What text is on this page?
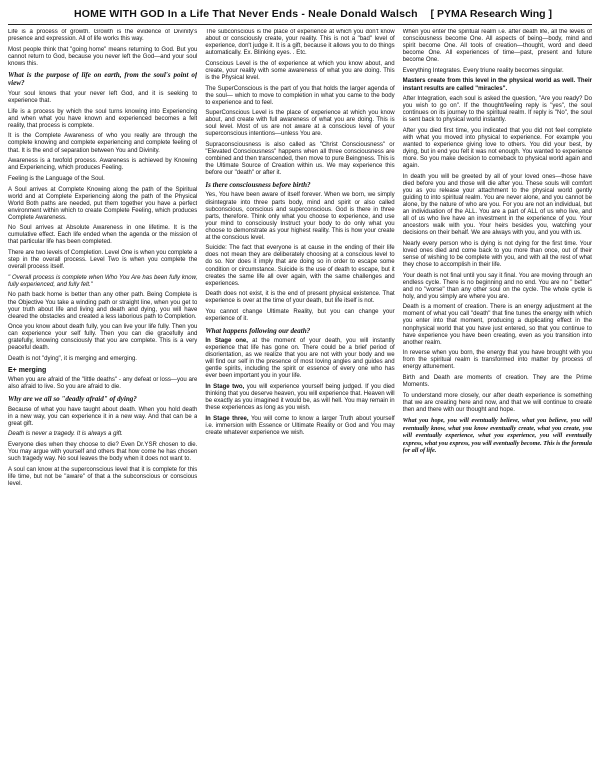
HOME WITH GOD In a Life That Never Ends - Neale Donald Walsch [ PYMA Research Wing ]

Life is a process of growth. Growth is the evidence of Divinity's presence and expression. All of life works this way.

Most people think that "going home" means returning to God. But you cannot return to God, because you never left the God—and your soul knows this.

What is the purpose of life on earth, from the soul's point of view?

Your soul knows that your never left God, and it is seeking to experience that.

Life is a process by which the soul turns knowing into Experiencing and when what you have known and experienced becomes a felt reality, that process is complete.

It is the Complete Awareness of who you really are through the complete knowing and complete experiencing and complete feeling of that. It is the end of separation between You and Divinity.

Awareness is a twofold process. Awareness is achieved by Knowing and Experiencing, which produces Feeling.

Feeling is the Language of the Soul.

A Soul arrives at Complete Knowing along the path of the Spiritual world and at Complete Experiencing along the path of the Physical World Both paths are needed, put them together you have a perfect environment within which to create Complete Feeling, which produces Complete Awareness.

No Soul arrives at Absolute Awareness in one lifetime. It is the cumulative effect. Each life ended when the agenda or the mission of that particular life has been completed.

There are two levels of Completion. Level One is when you complete a step in the overall process. Level Two is when you complete the overall process itself.

" Overall process is complete when Who You Are has been fully know, fully experienced, and fully felt."

No path back home is better than any other path. Being Complete is the Objective You take a winding path or straight line, when you get to your truth about life and living and death and dying, you will have cleared the obstacles and created a less laborious path to Completion.

Once you know about death fully, you can live your life fully. Then you can experience your self fully. Then you can die gracefully and gratefully, knowing consciously that you are complete. This is a very peaceful death.

Death is not "dying", it is merging and emerging.

E+ merging

When you are afraid of the "little deaths" - any defeat or loss—you are also afraid to live. So you are afraid to die.

Why are we all so "deadly afraid" of dying?

Because of what you have taught about death. When you hold death in a new way, you can experience it in a new way. And that can be a great gift.

Death is never a tragedy. It is always a gift.

Everyone dies when they choose to die? Even Dr.YSR chosen to die. You may argue with yourself and others that how come he has chosen such tragedy way. No soul leaves the body when it does not want to.

A soul can know at the superconscious level that it is complete for this life time, but not be "aware" of that a the subconscious or conscious level.

The subconscious is the place of experience at which you don't know about or consciously create, your reality. This is not a "bad" level of experience, don't judge it. It is a gift, because it allows you to do things automatically. Ex. Blinking eyes. . Etc.

Conscious Level is the of experience at which you know about, and create, your reality with some awareness of what you are doing. This is the Physical level.

The SuperConscious is the part of you that holds the larger agenda of the soul— which to move to completion in what you came to the body to experience and to feel.

SuperConscious Level is the place of experience at which you know about, and create with full awareness of what you are doing. This is soul level. Most of us are not aware at a conscious level of your superconscious intentions—unless You are.

Supraconsciousness is also called as "Christ Consciousness" or "Elevated Consciousness" happens when all three consciousness are combined and then transcended, then move to pure Beingness. This is the Ultimate Source of Creation within us. We may experience this before our "death" or after it.

Is there consciousness before birth?

Yes, You have been aware of itself forever. When we born, we simply disintegrate into three parts body, mind and spirit or also called subconscious, conscious and superconscious. God is there in three parts, therefore. Think only what you choose to experience, and use your mind to consciously Instruct your body to do only what you choose to demonstrate as your highest reality. This is how your create at the conscious level.

Suicide: The fact that everyone is at cause in the ending of their life does not mean they are deliberately choosing at a conscious level to do so. Nor does it imply that are doing so in order to escape some condition or circumstance. Suicide is the use of death to escape, but it creates the same life all over again, with the same challenges and experiences.

Death does not exist, it is the end of present physical existence. That experience is over at the time of your death, but life itself is not.

You cannot change Ultimate Reality, but you can change your experience of it.

What happens following our death?

In Stage one, at the moment of your death, you will instantly experience that life has gone on. There could be a brief period of disorientation, as we realize that you are not with your body and we will find our self in the presence of most loving angles and guides and gentle spirits, including the spirit or essence of every one who has ever been important you in your life.

In Stage two, you will experience yourself being judged. If you died thinking that you deserve heaven, you will experience that. Heaven will be exactly as you imagined it would be, as will hell. You may remain in these experiences as long as you wish.

In Stage three, You will come to know a larger Truth about yourself i.e. immersion with Essence or Ultimate Reality or God and You may create whatever experience we wish.

When you enter the spiritual realm i.e. after death life, all the levels of consciousness become One. All aspects of being—body, mind and spirit become One. All tools of creation—thought, word and deed become One. All experiences of time—past, present and future become One.

Everything Integrates. Every triune reality becomes singular.

Masters create from this level in the physical world as well. Their instant results are called "miracles".

After Integration, each soul is asked the question, "Are you ready? Do you wish to go on". If the thought/feeling reply is "yes", the soul continues on its journey to the spiritual realm. If reply is "No", the soul is sent back to physical world instantly.

After you died first time, you indicated that you did not feel complete with what you moved into physical to experience. For example you wanted to experience giving love to others. You did your best, by dying, but in end you felt it was not enough. You wanted to experience more. So you make decision to comeback to physical world again and again.

In death you will be greeted by all of your loved ones—those have died before you and those will die after you. These souls will comfort you as you release your attachment to the physical world gently guiding to into spiritual realm. You are never alone, and you cannot be alone, by the nature of who are you. For you are not an individual, but an individuation of the ALL. You are a part of ALL of us who live, and all of us who live have an investment in the experience of you. Your ancestors walk with you. Your heirs besides you, watching your decisions on their behalf. We are always with you, and you with us.

Nearly every person who is dying is not dying for the first time. Your loved ones died and come back to you more than once, out of their sense of wishing to be complete with you, and with all the rest of what they chose to accomplish in their life.

Your death is not final until you say it final. You are moving through an endless cycle. There is no beginning and no end. You are no " better" and no "worse" than any other soul on the cycle. The whole cycle is holy, and you simply are where you are.

Death is a moment of creation. There is an energy adjustment at the moment of what you call "death" that fine tunes the energy with which you enter into that moment, producing a duplicating effect in the nonphysical world that you have just entered, so that you continue to have experience you have been creating, even as you transition into another realm.

In reverse when you born, the energy that you have brought with you from the spiritual realm is transformed into matter by process of energy attunement.

Birth and Death are moments of creation. They are the Prime Moments.

To understand more closely, our after death experience is something that we are creating here and now, and that we will continue to create then and there with our thought and hope.

What you hope, you will eventually believe, what you believe, you will eventually know, what you know eventually create, what you create, you will eventually experience, what you experience, you will eventually express, what you express, you will eventually become. This is the formula for all of life.
